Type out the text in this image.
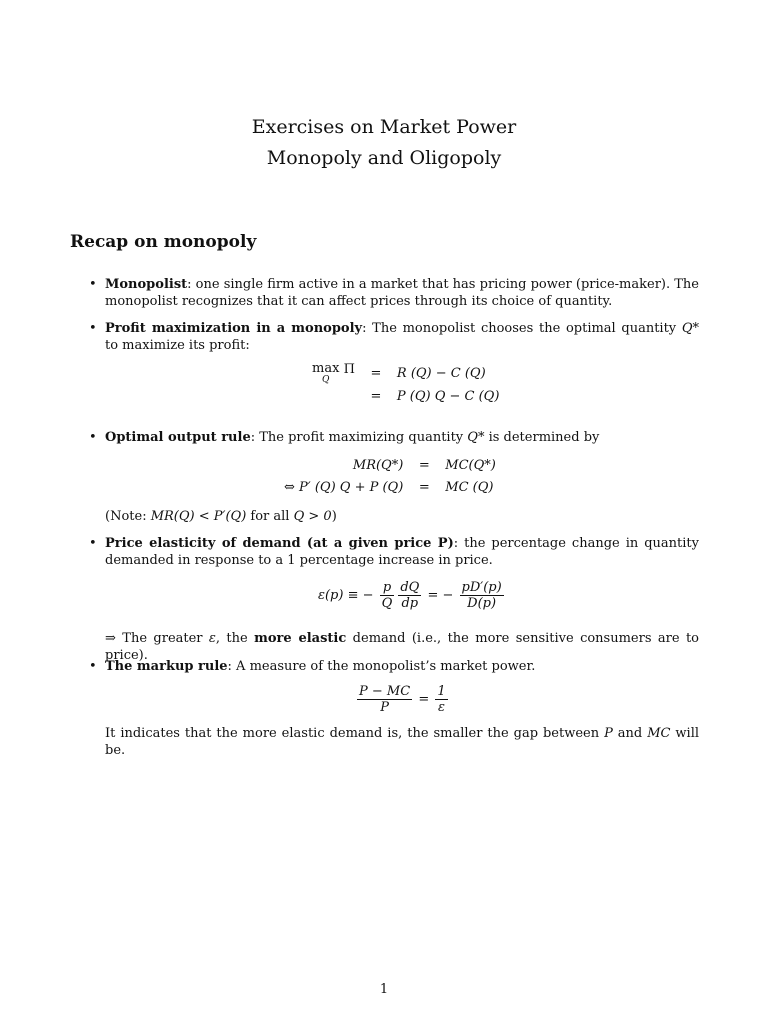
Exercises on Market Power
Monopoly and Oligopoly
Recap on monopoly
• Monopolist: one single firm active in a market that has pricing power (price-maker). The monopolist recognizes that it can affect prices through its choice of quantity.
• Profit maximization in a monopoly: The monopolist chooses the optimal quantity Q* to maximize its profit:
max
Q
Π	=	R (Q) − C (Q)
	=	P (Q) Q − C (Q)
• Optimal output rule: The profit maximizing quantity Q* is determined by
MR(Q*)	=	MC(Q*)
⇔ P′ (Q) Q + P (Q)	=	MC (Q)
(Note: MR(Q) < P′(Q) for all Q > 0)
• Price elasticity of demand (at a given price P): the percentage change in quantity demanded in response to a 1 percentage increase in price.
ε(p) ≡ − $\frac{p}{Q} \frac{dQ}{dp}$ = − $\frac{pD'(p)}{D(p)}$
⇒ The greater ε, the more elastic demand (i.e., the more sensitive consumers are to price).
• The markup rule: A measure of the monopolist’s market power.
$\frac{P - MC}{P} = \frac{1}{\varepsilon}$
It indicates that the more elastic demand is, the smaller the gap between P and MC will be.
1
